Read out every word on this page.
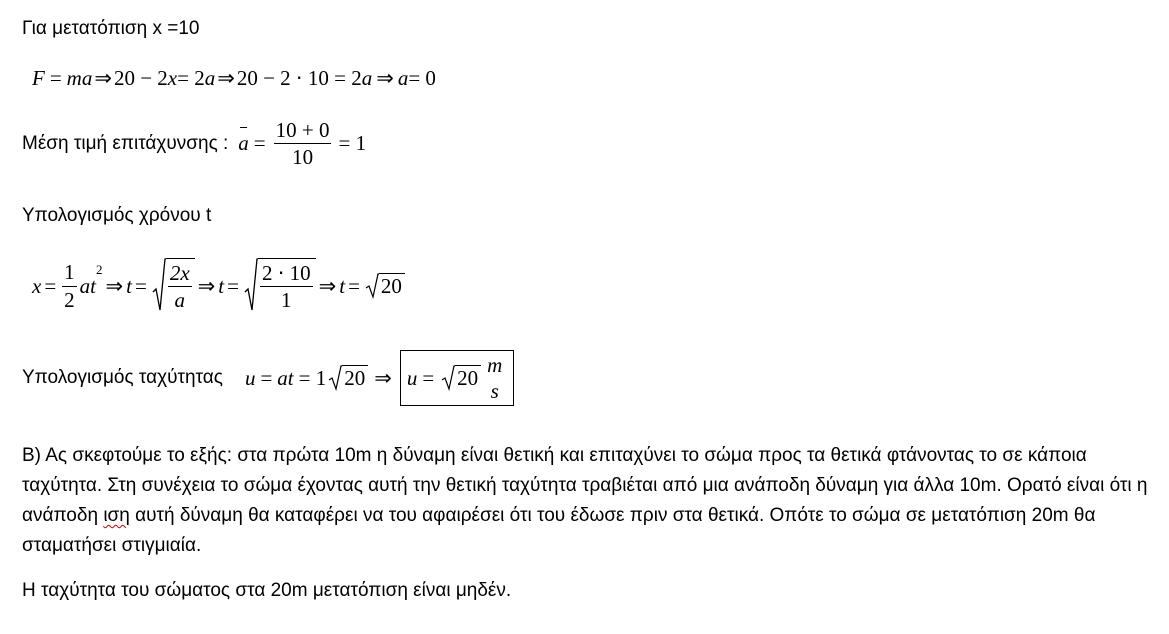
Για μετατόπιση x =10
F = ma ⇒ 20 − 2 x = 2 a ⇒ 20 − 2 ⋅ 10 = 2 a ⇒ a = 0
Μέση τιμή επιτάχυνσης : $a = \frac{10 + 0}{10} = 1$
Υπολογισμός χρόνου t
$x = \frac{1}{2}$ at
$^2$
⇒ $t = \frac{2x}{a}$ ⇒ $t = \frac{2 \cdot 10}{1}$ ⇒ t = 20
Υπολογισμός ταχύτητας u = at = 1 20 ⇒ u = 20
m
s
Β) Ας σκεφτούμε το εξής: στα πρώτα 10m η δύναμη είναι θετική και επιταχύνει το σώμα προς τα θετικά φτάνοντας το σε κάποια ταχύτητα. Στη συνέχεια το σώμα έχοντας αυτή την θετική ταχύτητα τραβιέται από μια ανάποδη δύναμη για άλλα 10m. Ορατό είναι ότι η ανάποδη ιση αυτή δύναμη θα καταφέρει να του αφαιρέσει ότι του έδωσε πριν στα θετικά. Οπότε το σώμα σε μετατόπιση 20m θα σταματήσει στιγμιαία.
Η ταχύτητα του σώματος στα 20m μετατόπιση είναι μηδέν.
